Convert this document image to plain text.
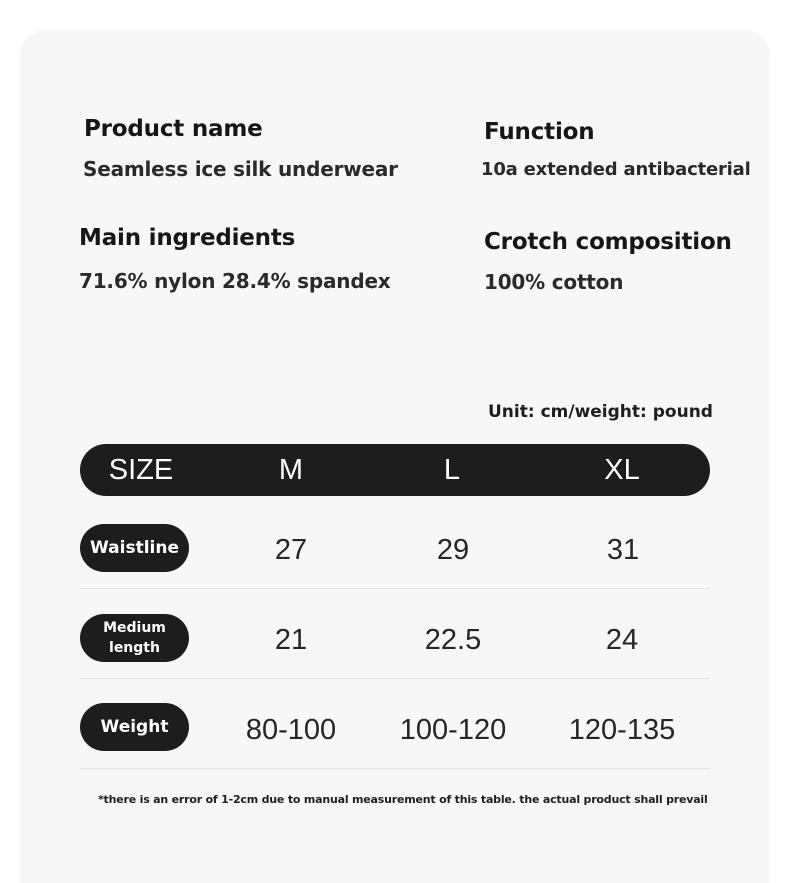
Product name
Seamless ice silk underwear
Function
10a extended antibacterial
Main ingredients
71.6% nylon 28.4% spandex
Crotch composition
100% cotton
Unit: cm/weight: pound
SIZE	M	L	XL
Waistline	27	29	31
Medium
length	21	22.5	24
Weight	80-100 100-120 120-135
*there is an error of 1-2cm due to manual measurement of this table. the actual product shall prevail
